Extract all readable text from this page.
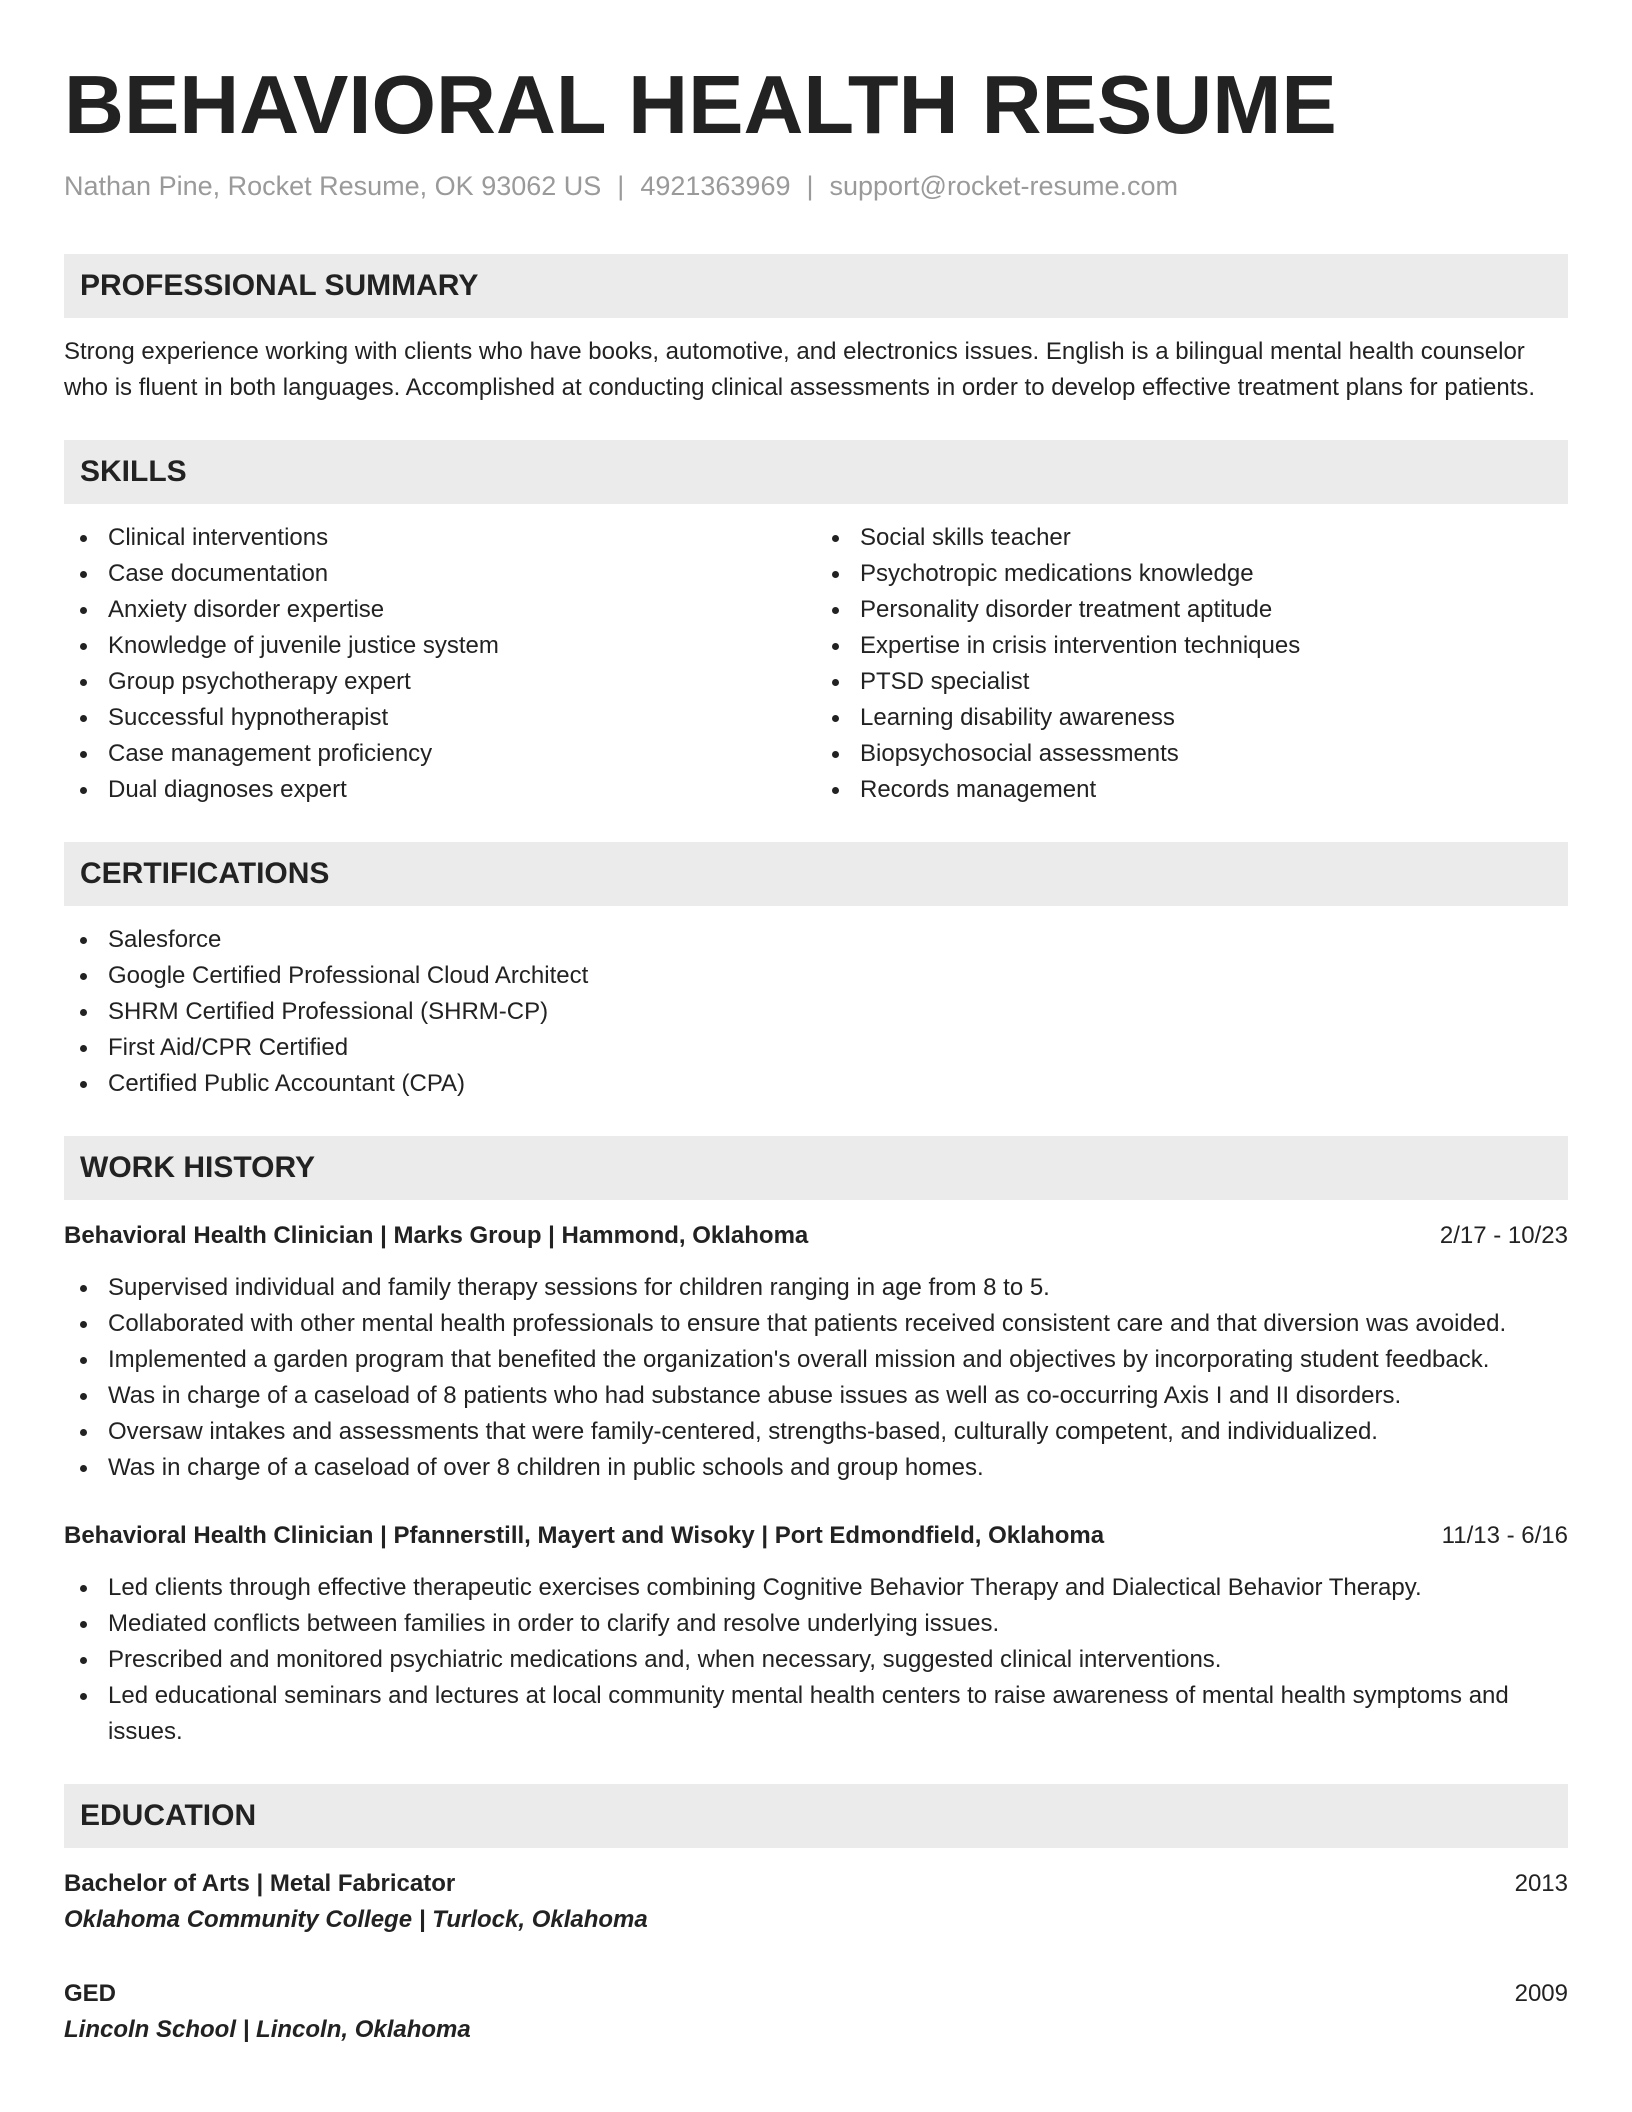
BEHAVIORAL HEALTH RESUME
Nathan Pine, Rocket Resume, OK 93062 US | 4921363969 | support@rocket-resume.com
PROFESSIONAL SUMMARY

Strong experience working with clients who have books, automotive, and electronics issues. English is a bilingual mental health counselor who is fluent in both languages. Accomplished at conducting clinical assessments in order to develop effective treatment plans for patients.

SKILLS
Clinical interventions
Case documentation
Anxiety disorder expertise
Knowledge of juvenile justice system
Group psychotherapy expert
Successful hypnotherapist
Case management proficiency
Dual diagnoses expert
Social skills teacher
Psychotropic medications knowledge
Personality disorder treatment aptitude
Expertise in crisis intervention techniques
PTSD specialist
Learning disability awareness
Biopsychosocial assessments
Records management
CERTIFICATIONS
Salesforce
Google Certified Professional Cloud Architect
SHRM Certified Professional (SHRM-CP)
First Aid/CPR Certified
Certified Public Accountant (CPA)
WORK HISTORY
Behavioral Health Clinician | Marks Group | Hammond, Oklahoma	2/17 - 10/23
Supervised individual and family therapy sessions for children ranging in age from 8 to 5.
Collaborated with other mental health professionals to ensure that patients received consistent care and that diversion was avoided.
Implemented a garden program that benefited the organization's overall mission and objectives by incorporating student feedback.
Was in charge of a caseload of 8 patients who had substance abuse issues as well as co-occurring Axis I and II disorders.
Oversaw intakes and assessments that were family-centered, strengths-based, culturally competent, and individualized.
Was in charge of a caseload of over 8 children in public schools and group homes.
Behavioral Health Clinician | Pfannerstill, Mayert and Wisoky | Port Edmondfield, Oklahoma	11/13 - 6/16
Led clients through effective therapeutic exercises combining Cognitive Behavior Therapy and Dialectical Behavior Therapy.
Mediated conflicts between families in order to clarify and resolve underlying issues.
Prescribed and monitored psychiatric medications and, when necessary, suggested clinical interventions.
Led educational seminars and lectures at local community mental health centers to raise awareness of mental health symptoms and issues.
EDUCATION
Bachelor of Arts | Metal Fabricator	2013
Oklahoma Community College | Turlock, Oklahoma
GED	2009
Lincoln School | Lincoln, Oklahoma
